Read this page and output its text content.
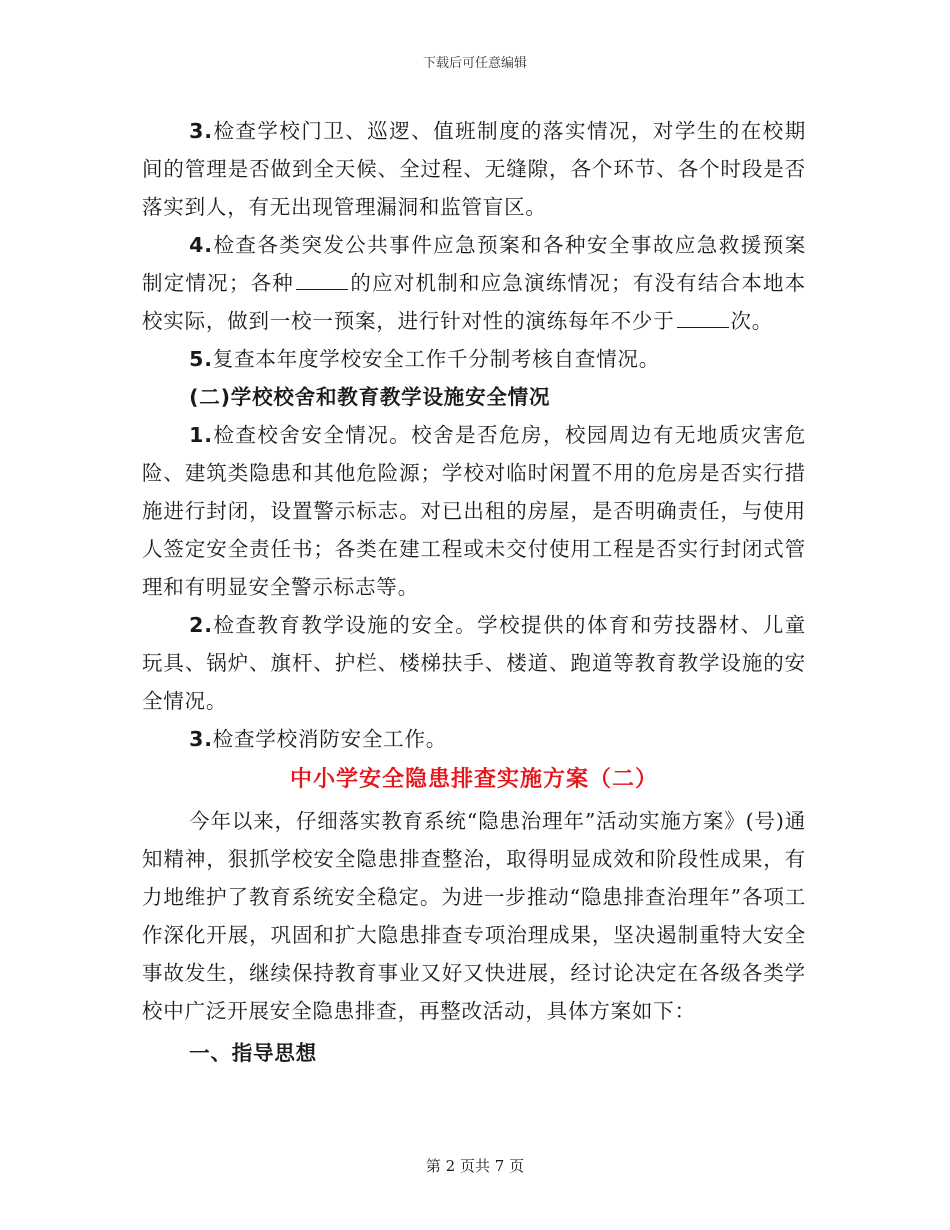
下载后可任意编辑

3.检查学校门卫、巡逻、值班制度的落实情况，对学生的在校期间的管理是否做到全天候、全过程、无缝隙，各个环节、各个时段是否落实到人，有无出现管理漏洞和监管盲区。

4.检查各类突发公共事件应急预案和各种安全事故应急救援预案制定情况；各种	的应对机制和应急演练情况；有没有结合本地本校实际，做到一校一预案，进行针对性的演练每年不少于	次。

5.复查本年度学校安全工作千分制考核自查情况。

(二)学校校舍和教育教学设施安全情况

1.检查校舍安全情况。校舍是否危房，校园周边有无地质灾害危险、建筑类隐患和其他危险源；学校对临时闲置不用的危房是否实行措施进行封闭，设置警示标志。对已出租的房屋，是否明确责任，与使用人签定安全责任书；各类在建工程或未交付使用工程是否实行封闭式管理和有明显安全警示标志等。

2.检查教育教学设施的安全。学校提供的体育和劳技器材、儿童玩具、锅炉、旗杆、护栏、楼梯扶手、楼道、跑道等教育教学设施的安全情况。

3.检查学校消防安全工作。

中小学安全隐患排查实施方案（二）

今年以来，仔细落实教育系统“隐患治理年”活动实施方案》(号)通知精神，狠抓学校安全隐患排查整治，取得明显成效和阶段性成果，有力地维护了教育系统安全稳定。为进一步推动“隐患排查治理年”各项工作深化开展，巩固和扩大隐患排查专项治理成果，坚决遏制重特大安全事故发生，继续保持教育事业又好又快进展，经讨论决定在各级各类学校中广泛开展安全隐患排查，再整改活动，具体方案如下：

一、指导思想

第 2 页共 7 页
